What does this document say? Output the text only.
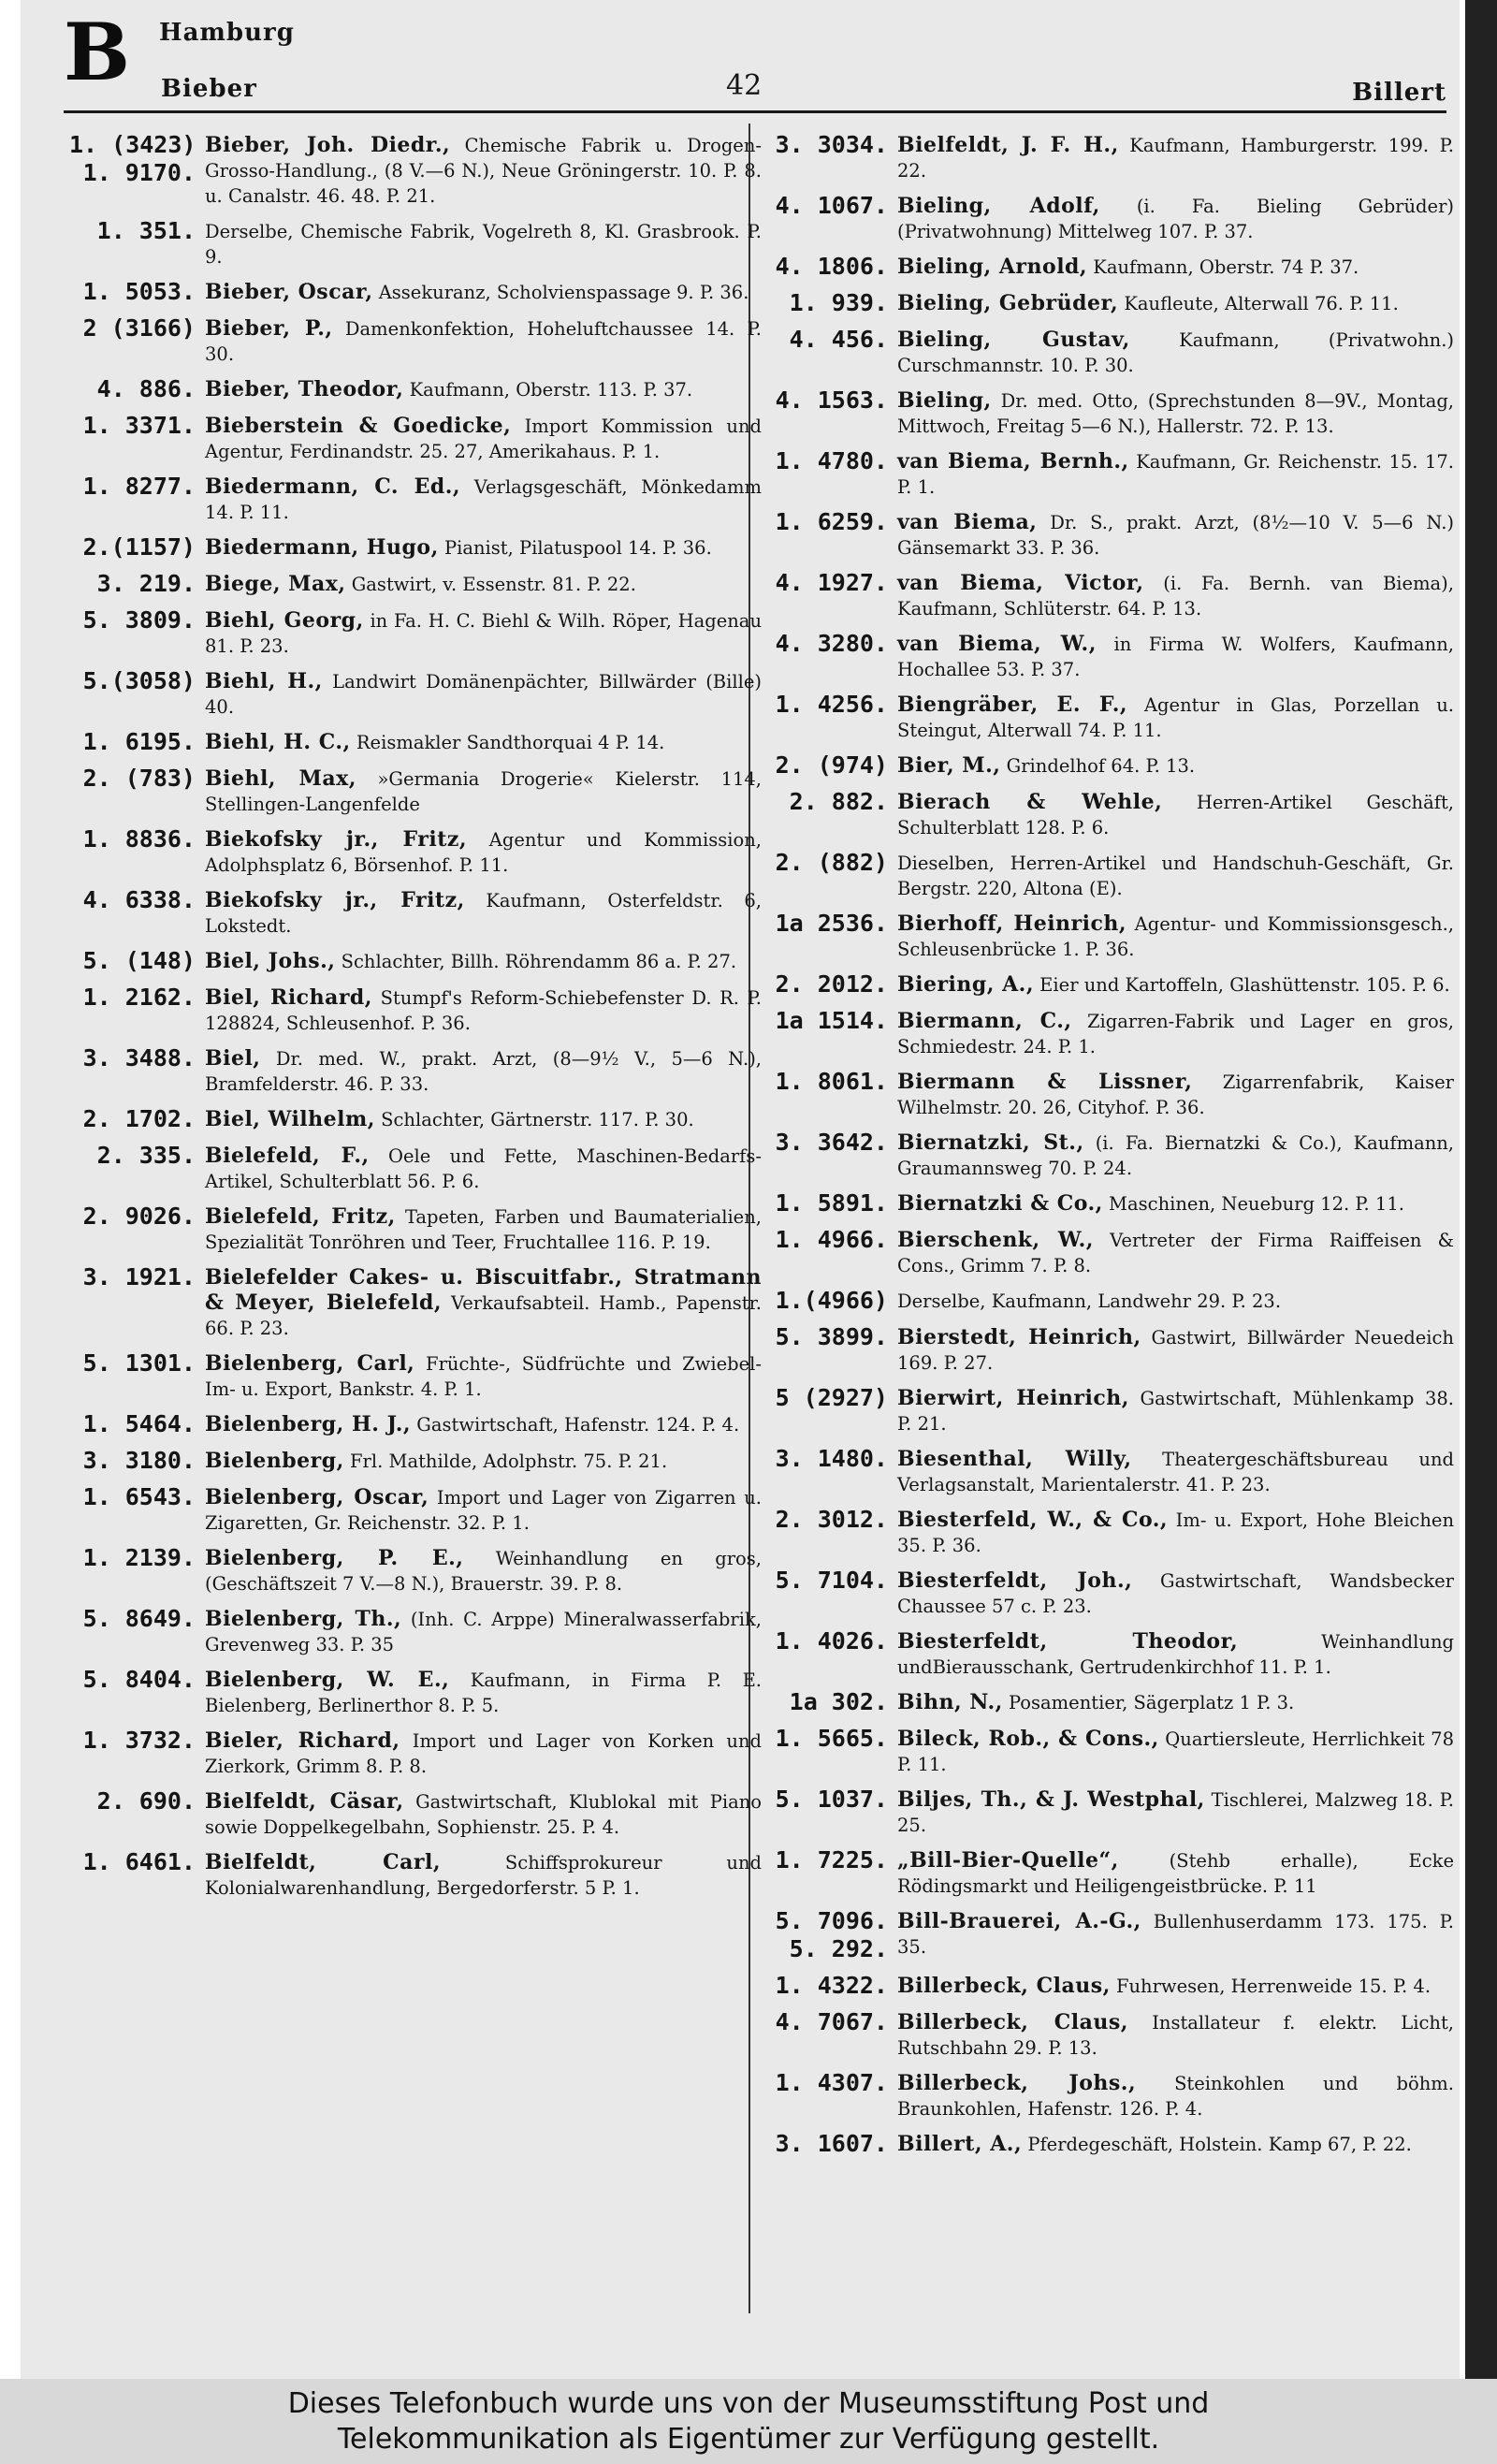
B Hamburg
Bieber	42	Billert
1. (3423)
1. 9170.
Bieber, Joh. Diedr., Chemische Fabrik u. Drogen-Grosso-Handlung., (8 V.—6 N.), Neue Gröningerstr. 10. P. 8. u. Canalstr. 46. 48. P. 21.
1. 351. Derselbe, Chemische Fabrik, Vogelreth 8, Kl. Grasbrook. P. 9.
1. 5053. Bieber, Oscar, Assekuranz, Scholvienspassage 9. P. 36.
2 (3166) Bieber, P., Damenkonfektion, Hoheluftchaussee 14. P. 30.
4. 886. Bieber, Theodor, Kaufmann, Oberstr. 113. P. 37.
1. 3371. Bieberstein & Goedicke, Import Kommission und Agentur, Ferdinandstr. 25. 27, Amerikahaus. P. 1.
1. 8277. Biedermann, C. Ed., Verlagsgeschäft, Mönkedamm 14. P. 11.
2.(1157) Biedermann, Hugo, Pianist, Pilatuspool 14. P. 36.
3. 219. Biege, Max, Gastwirt, v. Essenstr. 81. P. 22.
5. 3809. Biehl, Georg, in Fa. H. C. Biehl & Wilh. Röper, Hagenau 81. P. 23.
5.(3058) Biehl, H., Landwirt Domänenpächter, Billwärder (Bille) 40.
1. 6195. Biehl, H. C., Reismakler Sandthorquai 4 P. 14.
2. (783) Biehl, Max, »Germania Drogerie« Kielerstr. 114, Stellingen-Langenfelde
1. 8836. Biekofsky jr., Fritz, Agentur und Kommission, Adolphsplatz 6, Börsenhof. P. 11.
4. 6338. Biekofsky jr., Fritz, Kaufmann, Osterfeldstr. 6, Lokstedt.
5. (148) Biel, Johs., Schlachter, Billh. Röhrendamm 86 a. P. 27.
1. 2162. Biel, Richard, Stumpf's Reform-Schiebefenster D. R. P. 128824, Schleusenhof. P. 36.
3. 3488. Biel, Dr. med. W., prakt. Arzt, (8—9½ V., 5—6 N.), Bramfelderstr. 46. P. 33.
2. 1702. Biel, Wilhelm, Schlachter, Gärtnerstr. 117. P. 30.
2. 335. Bielefeld, F., Oele und Fette, Maschinen-Bedarfs-Artikel, Schulterblatt 56. P. 6.
2. 9026. Bielefeld, Fritz, Tapeten, Farben und Baumaterialien, Spezialität Tonröhren und Teer, Fruchtallee 116. P. 19.
3. 1921. Bielefelder Cakes- u. Biscuitfabr., Stratmann & Meyer, Bielefeld, Verkaufsabteil. Hamb., Papenstr. 66. P. 23.
5. 1301. Bielenberg, Carl, Früchte-, Südfrüchte und Zwiebel-Im- u. Export, Bankstr. 4. P. 1.
1. 5464. Bielenberg, H. J., Gastwirtschaft, Hafenstr. 124. P. 4.
3. 3180. Bielenberg, Frl. Mathilde, Adolphstr. 75. P. 21.
1. 6543. Bielenberg, Oscar, Import und Lager von Zigarren u. Zigaretten, Gr. Reichenstr. 32. P. 1.
1. 2139. Bielenberg, P. E., Weinhandlung en gros, (Geschäftszeit 7 V.—8 N.), Brauerstr. 39. P. 8.
5. 8649. Bielenberg, Th., (Inh. C. Arppe) Mineralwasserfabrik, Grevenweg 33. P. 35
5. 8404. Bielenberg, W. E., Kaufmann, in Firma P. E. Bielenberg, Berlinerthor 8. P. 5.
1. 3732. Bieler, Richard, Import und Lager von Korken und Zierkork, Grimm 8. P. 8.
2. 690. Bielfeldt, Cäsar, Gastwirtschaft, Klublokal mit Piano sowie Doppelkegelbahn, Sophienstr. 25. P. 4.
1. 6461. Bielfeldt, Carl, Schiffsprokureur und Kolonialwarenhandlung, Bergedorferstr. 5 P. 1.
3. 3034. Bielfeldt, J. F. H., Kaufmann, Hamburgerstr. 199. P. 22.
4. 1067. Bieling, Adolf, (i. Fa. Bieling Gebrüder) (Privatwohnung) Mittelweg 107. P. 37.
4. 1806. Bieling, Arnold, Kaufmann, Oberstr. 74 P. 37.
1. 939. Bieling, Gebrüder, Kaufleute, Alterwall 76. P. 11.
4. 456. Bieling, Gustav, Kaufmann, (Privatwohn.) Curschmannstr. 10. P. 30.
4. 1563. Bieling, Dr. med. Otto, (Sprechstunden 8—9V., Montag, Mittwoch, Freitag 5—6 N.), Hallerstr. 72. P. 13.
1. 4780. van Biema, Bernh., Kaufmann, Gr. Reichenstr. 15. 17. P. 1.
1. 6259. van Biema, Dr. S., prakt. Arzt, (8½—10 V. 5—6 N.) Gänsemarkt 33. P. 36.
4. 1927. van Biema, Victor, (i. Fa. Bernh. van Biema), Kaufmann, Schlüterstr. 64. P. 13.
4. 3280. van Biema, W., in Firma W. Wolfers, Kaufmann, Hochallee 53. P. 37.
1. 4256. Biengräber, E. F., Agentur in Glas, Porzellan u. Steingut, Alterwall 74. P. 11.
2. (974) Bier, M., Grindelhof 64. P. 13.
2. 882. Bierach & Wehle, Herren-Artikel Geschäft, Schulterblatt 128. P. 6.
2. (882) Dieselben, Herren-Artikel und Handschuh-Geschäft, Gr. Bergstr. 220, Altona (E).
1a 2536. Bierhoff, Heinrich, Agentur- und Kommissionsgesch., Schleusenbrücke 1. P. 36.
2. 2012. Biering, A., Eier und Kartoffeln, Glashüttenstr. 105. P. 6.
1a 1514. Biermann, C., Zigarren-Fabrik und Lager en gros, Schmiedestr. 24. P. 1.
1. 8061. Biermann & Lissner, Zigarrenfabrik, Kaiser Wilhelmstr. 20. 26, Cityhof. P. 36.
3. 3642. Biernatzki, St., (i. Fa. Biernatzki & Co.), Kaufmann, Graumannsweg 70. P. 24.
1. 5891. Biernatzki & Co., Maschinen, Neueburg 12. P. 11.
1. 4966. Bierschenk, W., Vertreter der Firma Raiffeisen & Cons., Grimm 7. P. 8.
1.(4966) Derselbe, Kaufmann, Landwehr 29. P. 23.
5. 3899. Bierstedt, Heinrich, Gastwirt, Billwärder Neuedeich 169. P. 27.
5 (2927) Bierwirt, Heinrich, Gastwirtschaft, Mühlenkamp 38. P. 21.
3. 1480. Biesenthal, Willy, Theatergeschäftsbureau und Verlagsanstalt, Marientalerstr. 41. P. 23.
2. 3012. Biesterfeld, W., & Co., Im- u. Export, Hohe Bleichen 35. P. 36.
5. 7104. Biesterfeldt, Joh., Gastwirtschaft, Wandsbecker Chaussee 57 c. P. 23.
1. 4026. Biesterfeldt, Theodor, Weinhandlung undBierausschank, Gertrudenkirchhof 11. P. 1.
1a 302. Bihn, N., Posamentier, Sägerplatz 1 P. 3.
1. 5665. Bileck, Rob., & Cons., Quartiersleute, Herrlichkeit 78 P. 11.
5. 1037. Biljes, Th., & J. Westphal, Tischlerei, Malzweg 18. P. 25.
1. 7225. „Bill-Bier-Quelle“, (Stehb erhalle), Ecke Rödingsmarkt und Heiligengeistbrücke. P. 11
5. 7096.
5. 292.
Bill-Brauerei, A.-G., Bullenhuserdamm 173. 175. P. 35.
1. 4322. Billerbeck, Claus, Fuhrwesen, Herrenweide 15. P. 4.
4. 7067. Billerbeck, Claus, Installateur f. elektr. Licht, Rutschbahn 29. P. 13.
1. 4307. Billerbeck, Johs., Steinkohlen und böhm. Braunkohlen, Hafenstr. 126. P. 4.
3. 1607. Billert, A., Pferdegeschäft, Holstein. Kamp 67, P. 22.
Dieses Telefonbuch wurde uns von der Museumsstiftung Post und
Telekommunikation als Eigentümer zur Verfügung gestellt.
